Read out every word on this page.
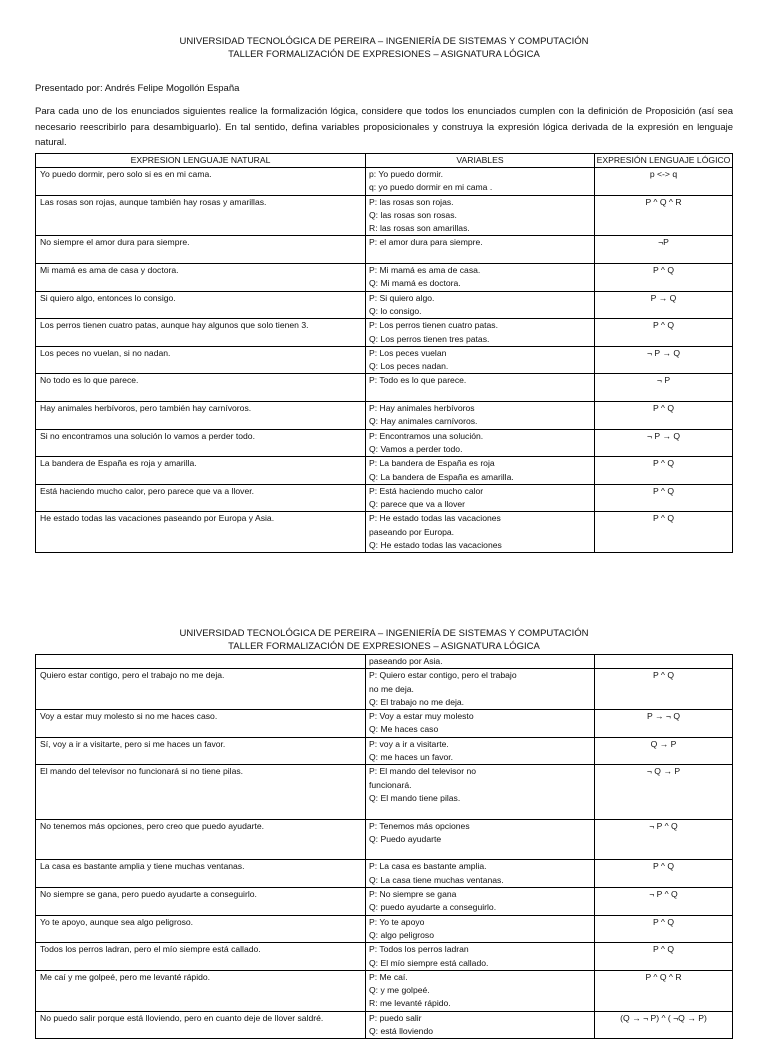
UNIVERSIDAD TECNOLÓGICA DE PEREIRA – INGENIERÍA DE SISTEMAS Y COMPUTACIÓN
TALLER FORMALIZACIÓN DE EXPRESIONES – ASIGNATURA LÓGICA
Presentado por: Andrés Felipe Mogollón España
Para cada uno de los enunciados siguientes realice la formalización lógica, considere que todos los enunciados cumplen con la definición de Proposición (así sea necesario reescribirlo para desambiguarlo). En tal sentido, defina variables proposicionales y construya la expresión lógica derivada de la expresión en lenguaje natural.
EXPRESION LENGUAJE NATURAL	VARIABLES	EXPRESIÓN LENGUAJE LÓGICO
Yo puedo dormir, pero solo si es en mi cama.	p: Yo puedo dormir.
q: yo puedo dormir en mi cama .	p <-> q
Las rosas son rojas, aunque también hay rosas y amarillas.	P: las rosas son rojas.
Q: las rosas son rosas.
R: las rosas son amarillas.	P ^ Q ^ R
No siempre el amor dura para siempre.	P: el amor dura para siempre.	¬P
Mi mamá es ama de casa y doctora.	P: Mi mamá es ama de casa.
Q: Mi mamá es doctora.	P ^ Q
Si quiero algo, entonces lo consigo.	P: Si quiero algo.
Q: lo consigo.	P → Q
Los perros tienen cuatro patas, aunque hay algunos que solo tienen 3.	P: Los perros tienen cuatro patas.
Q: Los perros tienen tres patas.	P ^ Q
Los peces no vuelan, si no nadan.	P: Los peces vuelan
Q: Los peces nadan.	¬ P → Q
No todo es lo que parece.	P: Todo es lo que parece.	¬ P
Hay animales herbívoros, pero también hay carnívoros.	P: Hay animales herbívoros
Q: Hay animales carnívoros.	P ^ Q
Si no encontramos una solución lo vamos a perder todo.	P: Encontramos una solución.
Q: Vamos a perder todo.	¬ P → Q
La bandera de España es roja y amarilla.	P: La bandera de España es roja
Q: La bandera de España es amarilla.	P ^ Q
Está haciendo mucho calor, pero parece que va a llover.	P: Está haciendo mucho calor
Q: parece que va a llover	P ^ Q
He estado todas las vacaciones paseando por Europa y Asia.	P: He estado todas las vacaciones
paseando por Europa.
Q: He estado todas las vacaciones	P ^ Q
UNIVERSIDAD TECNOLÓGICA DE PEREIRA – INGENIERÍA DE SISTEMAS Y COMPUTACIÓN
TALLER FORMALIZACIÓN DE EXPRESIONES – ASIGNATURA LÓGICA

	paseando por Asia.	

Quiero estar contigo, pero el trabajo no me deja.	P: Quiero estar contigo, pero el trabajo
no me deja.
Q: El trabajo no me deja.	P ^ Q
Voy a estar muy molesto si no me haces caso.	P: Voy a estar muy molesto
Q: Me haces caso	P → ¬ Q
Sí, voy a ir a visitarte, pero si me haces un favor.	P: voy a ir a visitarte.
Q: me haces un favor.	Q → P
El mando del televisor no funcionará si no tiene pilas.	P: El mando del televisor no
funcionará.
Q: El mando tiene pilas.	¬ Q → P
No tenemos más opciones, pero creo que puedo ayudarte.	P: Tenemos más opciones
Q: Puedo ayudarte	¬ P ^ Q
La casa es bastante amplia y tiene muchas ventanas.	P: La casa es bastante amplia.
Q: La casa tiene muchas ventanas.	P ^ Q
No siempre se gana, pero puedo ayudarte a conseguirlo.	P: No siempre se gana
Q: puedo ayudarte a conseguirlo.	¬ P ^ Q
Yo te apoyo, aunque sea algo peligroso.	P: Yo te apoyo
Q: algo peligroso	P ^ Q
Todos los perros ladran, pero el mío siempre está callado.	P: Todos los perros ladran
Q: El mío siempre está callado.	P ^ Q
Me caí y me golpeé, pero me levanté rápido.	P: Me caí.
Q: y me golpeé.
R: me levanté rápido.	P ^ Q ^ R
No puedo salir porque está lloviendo, pero en cuanto deje de llover saldré.	P: puedo salir
Q: está lloviendo	(Q → ¬ P) ^ ( ¬Q → P)
